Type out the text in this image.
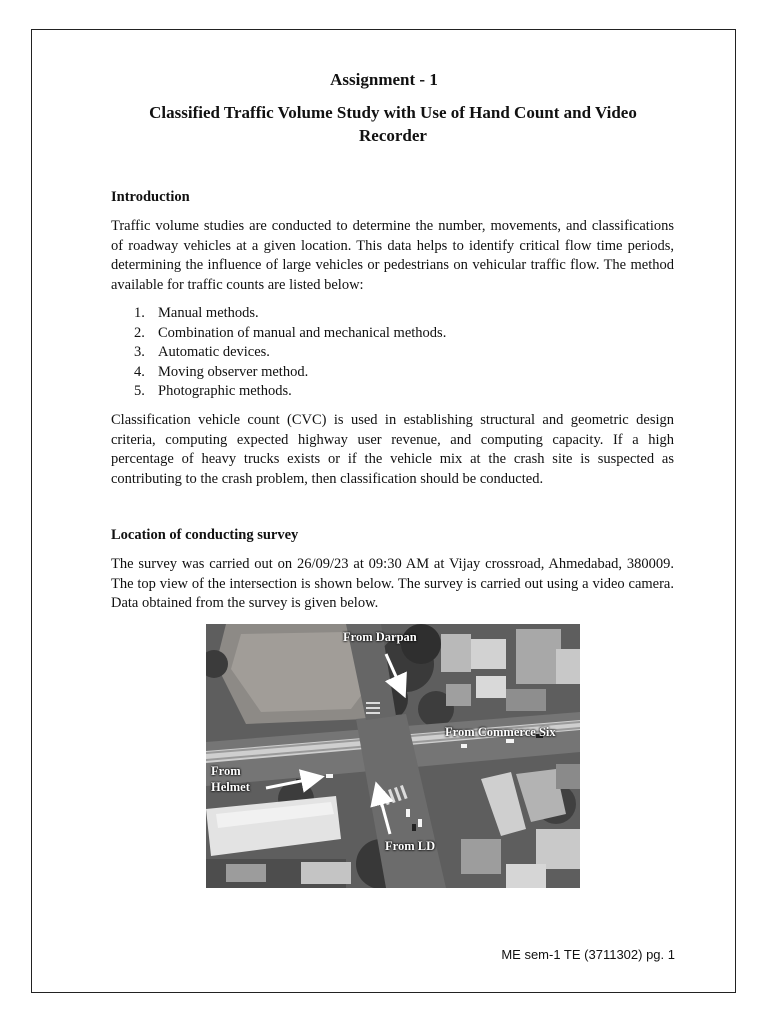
Assignment - 1
Classified Traffic Volume Study with Use of Hand Count and Video Recorder
Introduction

Traffic volume studies are conducted to determine the number, movements, and classifications of roadway vehicles at a given location. This data helps to identify critical flow time periods, determining the influence of large vehicles or pedestrians on vehicular traffic flow. The method available for traffic counts are listed below:

1. Manual methods.
2. Combination of manual and mechanical methods.
3. Automatic devices.
4. Moving observer method.
5. Photographic methods.

Classification vehicle count (CVC) is used in establishing structural and geometric design criteria, computing expected highway user revenue, and computing capacity. If a high percentage of heavy trucks exists or if the vehicle mix at the crash site is suspected as contributing to the crash problem, then classification should be conducted.

Location of conducting survey

The survey was carried out on 26/09/23 at 09:30 AM at Vijay crossroad, Ahmedabad, 380009. The top view of the intersection is shown below. The survey is carried out using a video camera. Data obtained from the survey is given below.

From Darpan
From Commerce Six
From
Helmet
From LD
ME sem-1 TE (3711302) pg. 1
